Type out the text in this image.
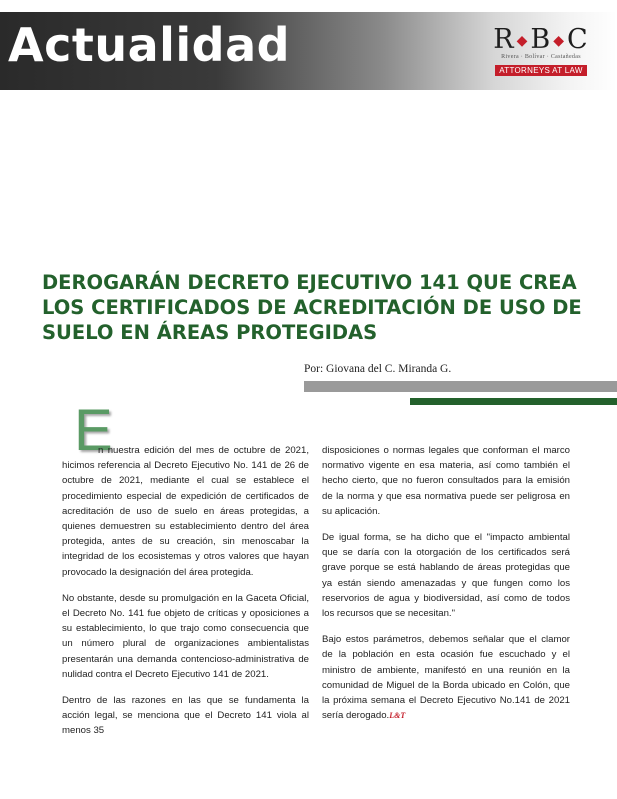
Actualidad	R ◆B ◆C
Rivera · Bolívar · Castañedas
ATTORNEYS AT LAW
DEROGARÁN DECRETO EJECUTIVO 141 QUE CREA LOS CERTIFICADOS DE ACREDITACIÓN DE USO DE SUELO EN ÁREAS PROTEGIDAS
Por: Giovana del C. Miranda G.
E

n nuestra edición del mes de octubre de 2021, hicimos referencia al Decreto Ejecutivo No. 141 de 26 de octubre de 2021, mediante el cual se establece el procedimiento especial de expedición de certificados de acreditación de uso de suelo en áreas protegidas, a quienes demuestren su establecimiento dentro del área protegida, antes de su creación, sin menoscabar la integridad de los ecosistemas y otros valores que hayan provocado la designación del área protegida.

No obstante, desde su promulgación en la Gaceta Oficial, el Decreto No. 141 fue objeto de críticas y oposiciones a su establecimiento, lo que trajo como consecuencia que un número plural de organizaciones ambientalistas presentarán una demanda contencioso-administrativa de nulidad contra el Decreto Ejecutivo 141 de 2021.

Dentro de las razones en las que se fundamenta la acción legal, se menciona que el Decreto 141 viola al menos 35

disposiciones o normas legales que conforman el marco normativo vigente en esa materia, así como también el hecho cierto, que no fueron consultados para la emisión de la norma y que esa normativa puede ser peligrosa en su aplicación.

De igual forma, se ha dicho que el "impacto ambiental que se daría con la otorgación de los certificados será grave porque se está hablando de áreas protegidas que ya están siendo amenazadas y que fungen como los reservorios de agua y biodiversidad, así como de todos los recursos que se necesitan."

Bajo estos parámetros, debemos señalar que el clamor de la población en esta ocasión fue escuchado y el ministro de ambiente, manifestó en una reunión en la comunidad de Miguel de la Borda ubicado en Colón, que la próxima semana el Decreto Ejecutivo No.141 de 2021 sería derogado.L&T
